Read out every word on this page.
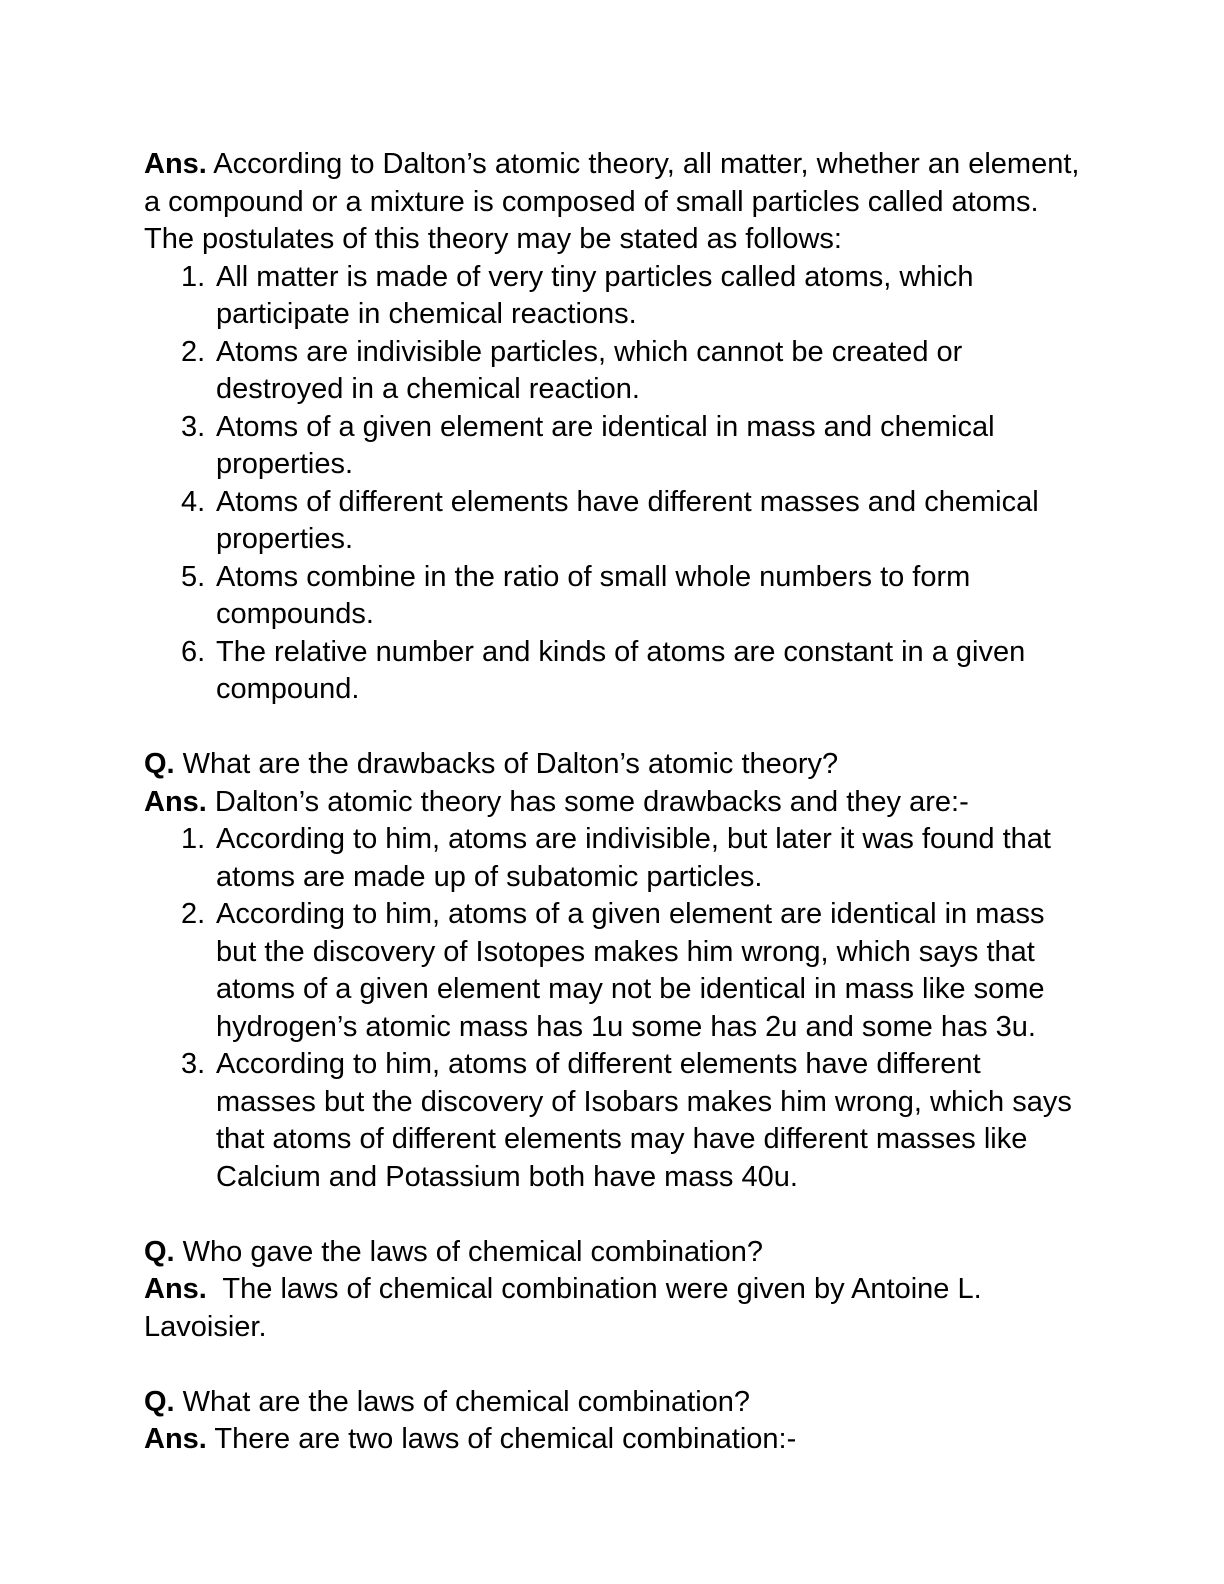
Ans. According to Dalton’s atomic theory, all matter, whether an element, a compound or a mixture is composed of small particles called atoms. The postulates of this theory may be stated as follows:

1. All matter is made of very tiny particles called atoms, which participate in chemical reactions.
2. Atoms are indivisible particles, which cannot be created or destroyed in a chemical reaction.
3. Atoms of a given element are identical in mass and chemical properties.
4. Atoms of different elements have different masses and chemical properties.
5. Atoms combine in the ratio of small whole numbers to form compounds.
6. The relative number and kinds of atoms are constant in a given compound.

Q. What are the drawbacks of Dalton’s atomic theory?

Ans. Dalton’s atomic theory has some drawbacks and they are:-

1. According to him, atoms are indivisible, but later it was found that atoms are made up of subatomic particles.
2. According to him, atoms of a given element are identical in mass but the discovery of Isotopes makes him wrong, which says that atoms of a given element may not be identical in mass like some hydrogen’s atomic mass has 1u some has 2u and some has 3u.
3. According to him, atoms of different elements have different masses but the discovery of Isobars makes him wrong, which says that atoms of different elements may have different masses like Calcium and Potassium both have mass 40u.

Q. Who gave the laws of chemical combination?

Ans.  The laws of chemical combination were given by Antoine L. Lavoisier.

Q. What are the laws of chemical combination?

Ans. There are two laws of chemical combination:-
